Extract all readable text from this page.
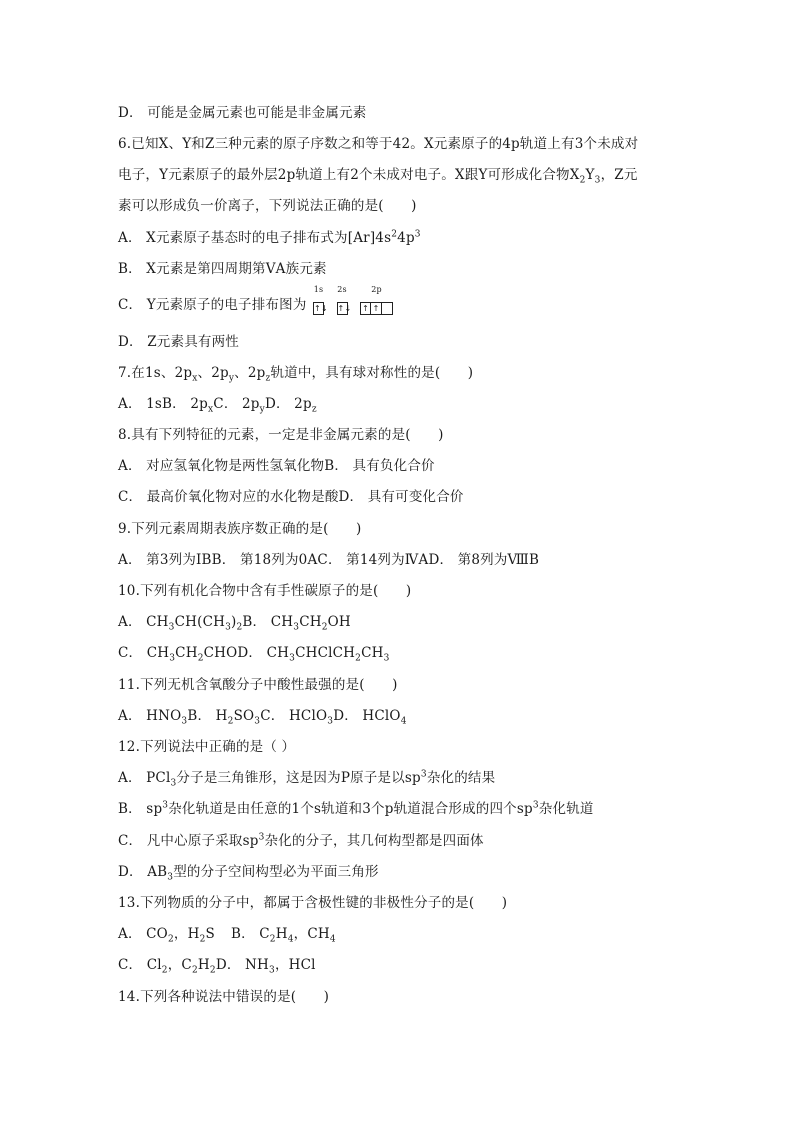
D． 可能是金属元素也可能是非金属元素
6.已知X、Y和Z三种元素的原子序数之和等于42。X元素原子的4p轨道上有3个未成对
电子，Y元素原子的最外层2p轨道上有2个未成对电子。X跟Y可形成化合物$X_2Y_3$，Z元
素可以形成负一价离子，下列说法正确的是(　　)
A． X元素原子基态时的电子排布式为$[Ar]4s^24p^3$
B． X元素是第四周期第ⅤA族元素
C． Y元素原子的电子排布图为
1s
↑↓
2s
↑↓
2p
↑ ↑
D． Z元素具有两性
7.在1s、$2p_x$、$2p_y$、$2p_z$轨道中，具有球对称性的是(　　)
A． 1sB． $2p_xC$． $2p_yD$． $2p_z$
8.具有下列特征的元素，一定是非金属元素的是(　　)
A． 对应氢氧化物是两性氢氧化物B． 具有负化合价
C． 最高价氧化物对应的水化物是酸D． 具有可变化合价
9.下列元素周期表族序数正确的是(　　)
A． 第3列为ⅠBB． 第18列为0AC． 第14列为ⅣAD． 第8列为ⅧB
10.下列有机化合物中含有手性碳原子的是(　　)
A． $CH_3CH(CH_3)_2B$． $CH_3CH_2OH$
C． $CH_3CH_2CHOD$． $CH_3CHClCH_2CH_3$
11.下列无机含氧酸分子中酸性最强的是(　　)
A． $HNO_3B$． $H_2SO_3C$． HClO$_3$D． HClO$_4$
12.下列说法中正确的是（ ）
A． PCl$_3$分子是三角锥形，这是因为P原子是以$sp^3$杂化的结果
B． $sp^3$杂化轨道是由任意的1个s轨道和3个p轨道混合形成的四个$sp^3$杂化轨道
C． 凡中心原子采取$sp^3$杂化的分子，其几何构型都是四面体
D． $AB_3$型的分子空间构型必为平面三角形
13.下列物质的分子中，都属于含极性键的非极性分子的是(　　)
A． $CO_2$，$H_2S$ B． $C_2H_4$，$CH_4$
C． $Cl_2$，$C_2H_2D$． $NH_3$，HCl
14.下列各种说法中错误的是(　　)
